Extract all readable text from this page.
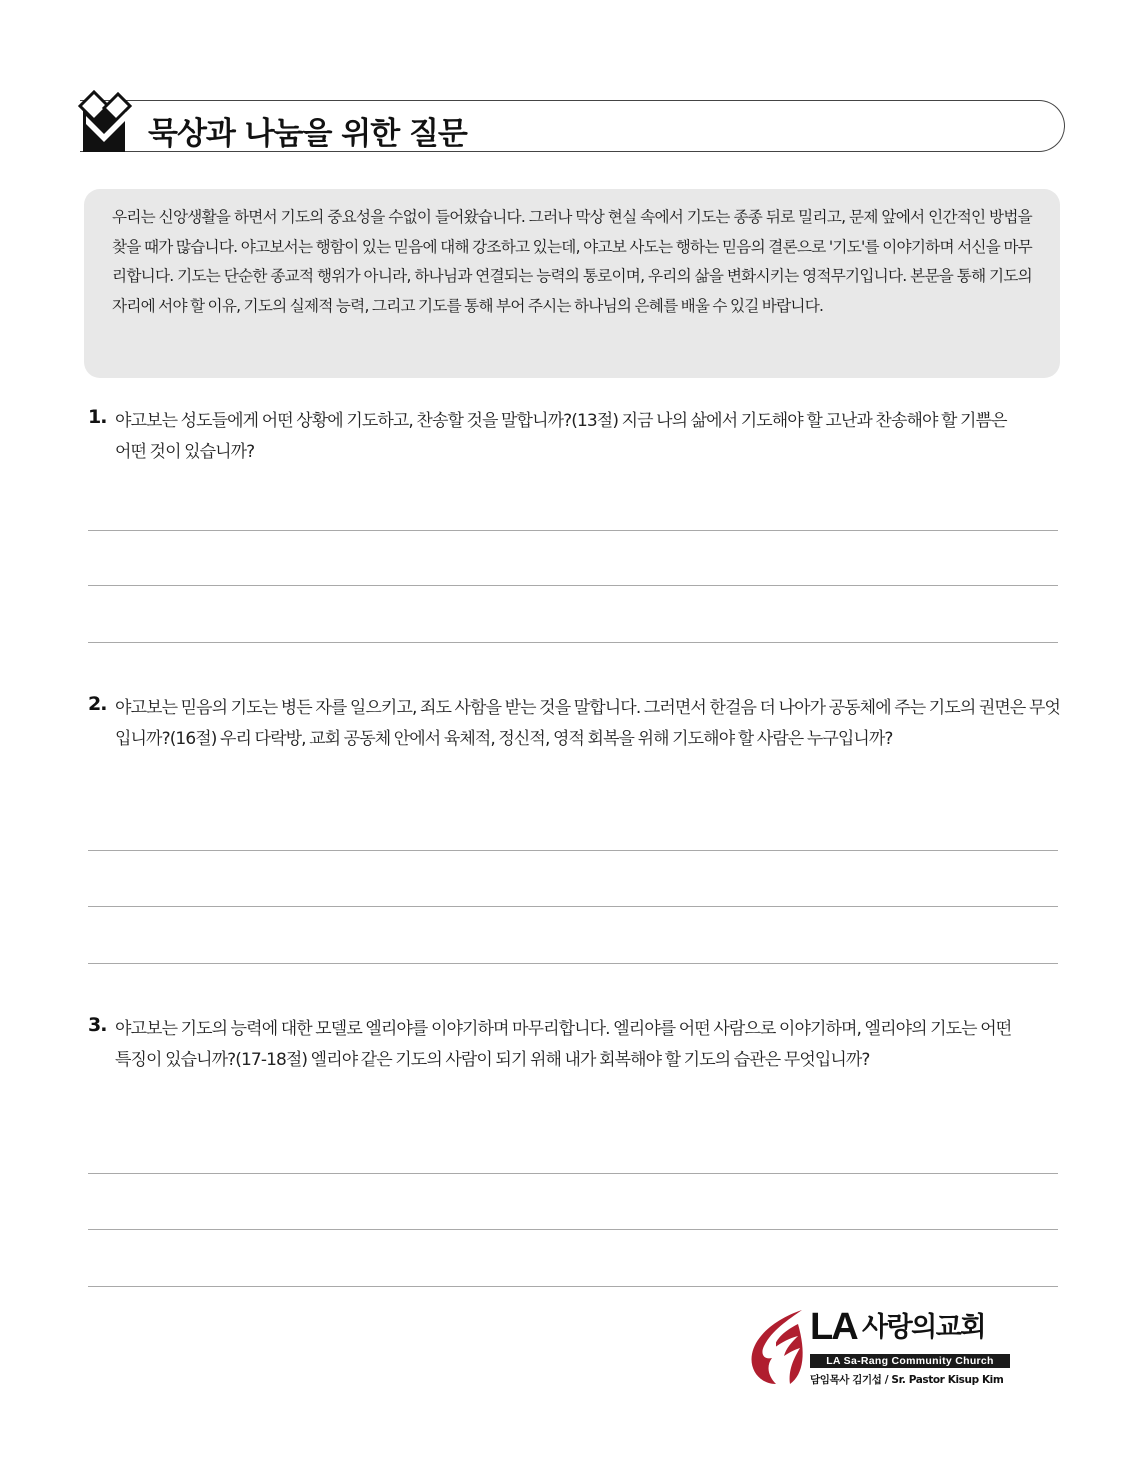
묵상과 나눔을 위한 질문

우리는 신앙생활을 하면서 기도의 중요성을 수없이 들어왔습니다. 그러나 막상 현실 속에서 기도는 종종 뒤로 밀리고, 문제 앞에서 인간적인 방법을 찾을 때가 많습니다. 야고보서는 행함이 있는 믿음에 대해 강조하고 있는데, 야고보 사도는 행하는 믿음의 결론으로 '기도'를 이야기하며 서신을 마무리합니다. 기도는 단순한 종교적 행위가 아니라, 하나님과 연결되는 능력의 통로이며, 우리의 삶을 변화시키는 영적무기입니다. 본문을 통해 기도의 자리에 서야 할 이유, 기도의 실제적 능력, 그리고 기도를 통해 부어 주시는 하나님의 은혜를 배울 수 있길 바랍니다.

1. 야고보는 성도들에게 어떤 상황에 기도하고, 찬송할 것을 말합니까?(13절) 지금 나의 삶에서 기도해야 할 고난과 찬송해야 할 기쁨은 어떤 것이 있습니까?

2. 야고보는 믿음의 기도는 병든 자를 일으키고, 죄도 사함을 받는 것을 말합니다. 그러면서 한걸음 더 나아가 공동체에 주는 기도의 권면은 무엇입니까?(16절) 우리 다락방, 교회 공동체 안에서 육체적, 정신적, 영적 회복을 위해 기도해야 할 사람은 누구입니까?

3. 야고보는 기도의 능력에 대한 모델로 엘리야를 이야기하며 마무리합니다. 엘리야를 어떤 사람으로 이야기하며, 엘리야의 기도는 어떤 특징이 있습니까?(17-18절) 엘리야 같은 기도의 사람이 되기 위해 내가 회복해야 할 기도의 습관은 무엇입니까?

LA 사랑의교회
LA Sa-Rang Community Church
담임목사 김기섭 / Sr. Pastor Kisup Kim
